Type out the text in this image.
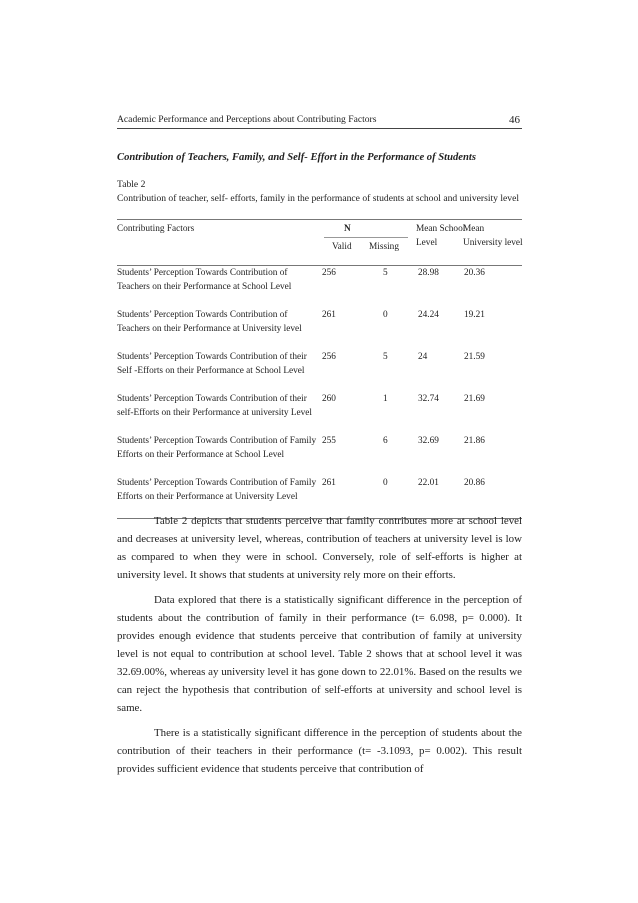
Academic Performance and Perceptions about Contributing Factors	46
Contribution of Teachers, Family, and Self- Effort in the Performance of Students
Table 2
Contribution of teacher, self- efforts, family in the performance of students at school and university level
Contributing Factors	N
Valid Missing
Mean School Level
Mean University level
Students’ Perception Towards Contribution of Teachers on their Performance at School Level
256	5	28.98	20.36
Students’ Perception Towards Contribution of Teachers on their Performance at University level
261	0	24.24	19.21
Students’ Perception Towards Contribution of their Self -Efforts on their Performance at School Level
256	5	24	21.59
Students’ Perception Towards Contribution of their self-Efforts on their Performance at university Level
260	1	32.74	21.69
Students’ Perception Towards Contribution of Family Efforts on their Performance at School Level
255	6	32.69	21.86
Students’ Perception Towards Contribution of Family Efforts on their Performance at University Level
261	0	22.01	20.86

Table 2 depicts that students perceive that family contributes more at school level and decreases at university level, whereas, contribution of teachers at university level is low as compared to when they were in school. Conversely, role of self-efforts is higher at university level. It shows that students at university rely more on their efforts.

Data explored that there is a statistically significant difference in the perception of students about the contribution of family in their performance (t= 6.098, p= 0.000). It provides enough evidence that students perceive that contribution of family at university level is not equal to contribution at school level. Table 2 shows that at school level it was 32.69.00%, whereas ay university level it has gone down to 22.01%. Based on the results we can reject the hypothesis that contribution of self-efforts at university and school level is same.

There is a statistically significant difference in the perception of students about the contribution of their teachers in their performance (t= -3.1093, p= 0.002). This result provides sufficient evidence that students perceive that contribution of
